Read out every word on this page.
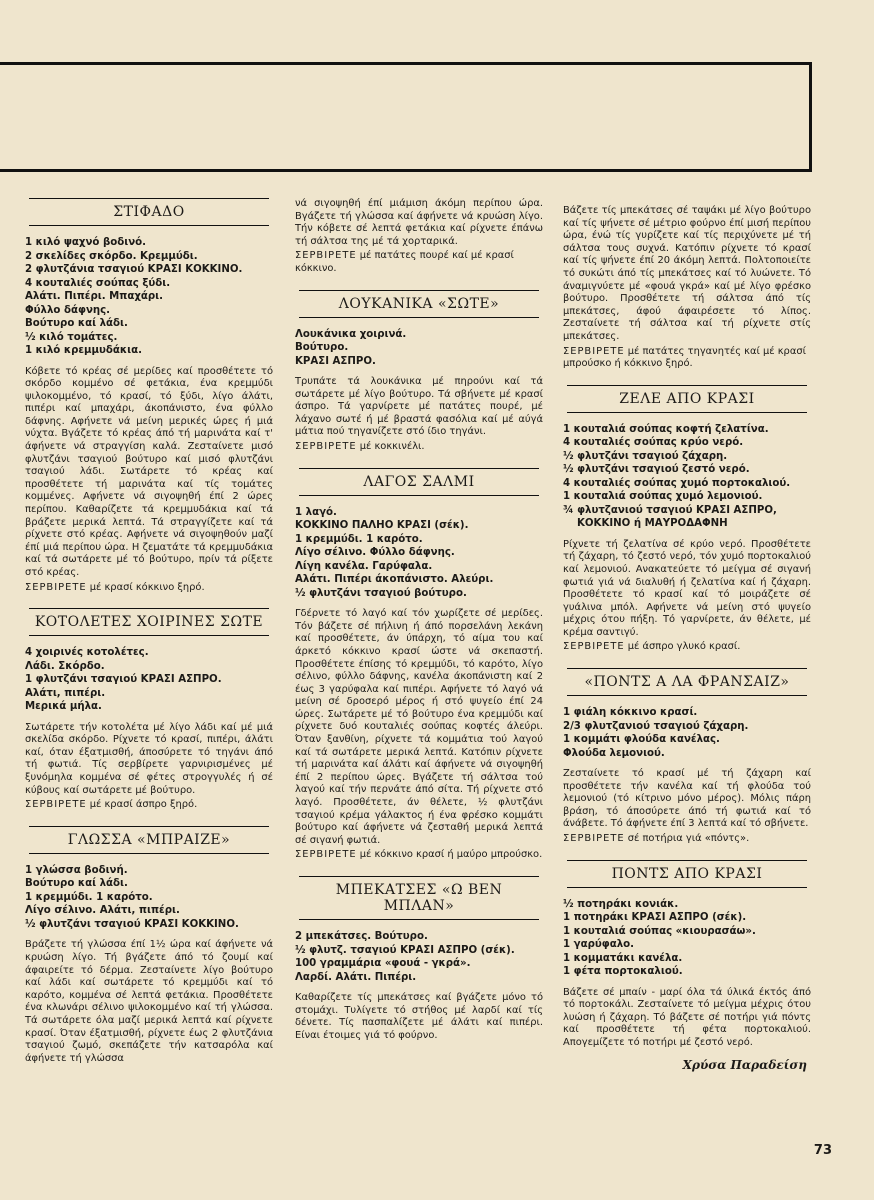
ΣΤΙΦΑΔΟ
1 κιλό ψαχνό βοδινό.
2 σκελίδες σκόρδο. Κρεμμύδι.
2 φλυτζάνια τσαγιού ΚΡΑΣΙ ΚΟΚΚΙΝΟ.
4 κουταλιές σούπας ξύδι.
Αλάτι. Πιπέρι. Μπαχάρι.
Φύλλο δάφνης.
Βούτυρο καί λάδι.
½ κιλό τομάτες.
1 κιλό κρεμμυδάκια.
Κόβετε τό κρέας σέ μερίδες καί προσθέτετε τό σκόρδο κομμένο σέ φετάκια, ένα κρεμμύδι ψιλοκομμένο, τό κρασί, τό ξύδι, λίγο άλάτι, πιπέρι καί μπαχάρι, άκοπάνιστο, ένα φύλλο δάφνης. Αφήνετε νά μείνη μερικές ώρες ή μιά νύχτα. Βγάζετε τό κρέας άπό τή μαρινάτα καί τ' άφήνετε νά στραγγίση καλά. Ζεσταίνετε μισό φλυτζάνι τσαγιού βούτυρο καί μισό φλυτζάνι τσαγιού λάδι. Σωτάρετε τό κρέας καί προσθέτετε τή μαρινάτα καί τίς τομάτες κομμένες. Αφήνετε νά σιγοψηθή έπί 2 ώρες περίπου. Καθαρίζετε τά κρεμμυδάκια καί τά βράζετε μερικά λεπτά. Τά στραγγίζετε καί τά ρίχνετε στό κρέας. Αφήνετε νά σιγοψηθούν μαζί έπί μιά περίπου ώρα. Η ζεματάτε τά κρεμμυδάκια καί τά σωτάρετε μέ τό βούτυρο, πρίν τά ρίξετε στό κρέας.
ΣΕΡΒΙΡΕΤΕ μέ κρασί κόκκινο ξηρό.
ΚΟΤΟΛΕΤΕΣ ΧΟΙΡΙΝΕΣ ΣΩΤΕ
4 χοιρινές κοτολέτες.
Λάδι. Σκόρδο.
1 φλυτζάνι τσαγιού ΚΡΑΣΙ ΑΣΠΡΟ.
Αλάτι, πιπέρι.
Μερικά μήλα.
Σωτάρετε τήν κοτολέτα μέ λίγο λάδι καί μέ μιά σκελίδα σκόρδο. Ρίχνετε τό κρασί, πιπέρι, άλάτι καί, όταν έξατμισθή, άποσύρετε τό τηγάνι άπό τή φωτιά. Τίς σερβίρετε γαρνιρισμένες μέ ξυνόμηλα κομμένα σέ φέτες στρογγυλές ή σέ κύβους καί σωτάρετε μέ βούτυρο.
ΣΕΡΒΙΡΕΤΕ μέ κρασί άσπρο ξηρό.
ΓΛΩΣΣΑ «ΜΠΡΑΙΖΕ»
1 γλώσσα βοδινή.
Βούτυρο καί λάδι.
1 κρεμμύδι. 1 καρότο.
Λίγο σέλινο. Αλάτι, πιπέρι.
½ φλυτζάνι τσαγιού ΚΡΑΣΙ ΚΟΚΚΙΝΟ.
Βράζετε τή γλώσσα έπί 1½ ώρα καί άφήνετε νά κρυώση λίγο. Τή βγάζετε άπό τό ζουμί καί άφαιρείτε τό δέρμα. Ζεσταίνετε λίγο βούτυρο καί λάδι καί σωτάρετε τό κρεμμύδι καί τό καρότο, κομμένα σέ λεπτά φετάκια. Προσθέτετε ένα κλωνάρι σέλινο ψιλοκομμένο καί τή γλώσσα. Τά σωτάρετε όλα μαζί μερικά λεπτά καί ρίχνετε κρασί. Όταν έξατμισθή, ρίχνετε έως 2 φλυτζάνια τσαγιού ζωμό, σκεπάζετε τήν κατσαρόλα καί άφήνετε τή γλώσσα
νά σιγοψηθή έπί μιάμιση άκόμη περίπου ώρα. Βγάζετε τή γλώσσα καί άφήνετε νά κρυώση λίγο. Τήν κόβετε σέ λεπτά φετάκια καί ρίχνετε έπάνω τή σάλτσα της μέ τά χορταρικά.
ΣΕΡΒΙΡΕΤΕ μέ πατάτες πουρέ καί μέ κρασί κόκκινο.
ΛΟΥΚΑΝΙΚΑ «ΣΩΤΕ»
Λουκάνικα χοιρινά.
Βούτυρο.
ΚΡΑΣΙ ΑΣΠΡΟ.
Τρυπάτε τά λουκάνικα μέ πηρούνι καί τά σωτάρετε μέ λίγο βούτυρο. Τά σβήνετε μέ κρασί άσπρο. Τά γαρνίρετε μέ πατάτες πουρέ, μέ λάχανο σωτέ ή μέ βραστά φασόλια καί μέ αύγά μάτια πού τηγανίζετε στό ίδιο τηγάνι.
ΣΕΡΒΙΡΕΤΕ μέ κοκκινέλι.
ΛΑΓΟΣ ΣΑΛΜΙ
1 λαγό.
ΚΟΚΚΙΝΟ ΠΑΛΗΟ ΚΡΑΣΙ (σέκ).
1 κρεμμύδι. 1 καρότο.
Λίγο σέλινο. Φύλλο δάφνης.
Λίγη κανέλα. Γαρύφαλα.
Αλάτι. Πιπέρι άκοπάνιστο. Αλεύρι.
½ φλυτζάνι τσαγιού βούτυρο.
Γδέρνετε τό λαγό καί τόν χωρίζετε σέ μερίδες. Τόν βάζετε σέ πήλινη ή άπό πορσελάνη λεκάνη καί προσθέτετε, άν ύπάρχη, τό αίμα του καί άρκετό κόκκινο κρασί ώστε νά σκεπαστή. Προσθέτετε έπίσης τό κρεμμύδι, τό καρότο, λίγο σέλινο, φύλλο δάφνης, κανέλα άκοπάνιστη καί 2 έως 3 γαρύφαλα καί πιπέρι. Αφήνετε τό λαγό νά μείνη σέ δροσερό μέρος ή στό ψυγείο έπί 24 ώρες. Σωτάρετε μέ τό βούτυρο ένα κρεμμύδι καί ρίχνετε δυό κουταλιές σούπας κοφτές άλεύρι. Όταν ξανθίνη, ρίχνετε τά κομμάτια τού λαγού καί τά σωτάρετε μερικά λεπτά. Κατόπιν ρίχνετε τή μαρινάτα καί άλάτι καί άφήνετε νά σιγοψηθή έπί 2 περίπου ώρες. Βγάζετε τή σάλτσα τού λαγού καί τήν περνάτε άπό σίτα. Τή ρίχνετε στό λαγό. Προσθέτετε, άν θέλετε, ½ φλυτζάνι τσαγιού κρέμα γάλακτος ή ένα φρέσκο κομμάτι βούτυρο καί άφήνετε νά ζεσταθή μερικά λεπτά σέ σιγανή φωτιά.
ΣΕΡΒΙΡΕΤΕ μέ κόκκινο κρασί ή μαύρο μπρούσκο.
ΜΠΕΚΑΤΣΕΣ «Ω ΒΕΝ ΜΠΛΑΝ»
2 μπεκάτσες. Βούτυρο.
½ φλυτζ. τσαγιού ΚΡΑΣΙ ΑΣΠΡΟ (σέκ).
100 γραμμάρια «φουά - γκρά».
Λαρδί. Αλάτι. Πιπέρι.
Καθαρίζετε τίς μπεκάτσες καί βγάζετε μόνο τό στομάχι. Τυλίγετε τό στήθος μέ λαρδί καί τίς δένετε. Τίς πασπαλίζετε μέ άλάτι καί πιπέρι. Είναι έτοιμες γιά τό φούρνο.
Βάζετε τίς μπεκάτσες σέ ταψάκι μέ λίγο βούτυρο καί τίς ψήνετε σέ μέτριο φούρνο έπί μισή περίπου ώρα, ένώ τίς γυρίζετε καί τίς περιχύνετε μέ τή σάλτσα τους συχνά. Κατόπιν ρίχνετε τό κρασί καί τίς ψήνετε έπί 20 άκόμη λεπτά. Πολτοποιείτε τό συκώτι άπό τίς μπεκάτσες καί τό λυώνετε. Τό άναμιγνύετε μέ «φουά γκρά» καί μέ λίγο φρέσκο βούτυρο. Προσθέτετε τή σάλτσα άπό τίς μπεκάτσες, άφού άφαιρέσετε τό λίπος. Ζεσταίνετε τή σάλτσα καί τή ρίχνετε στίς μπεκάτσες.
ΣΕΡΒΙΡΕΤΕ μέ πατάτες τηγανητές καί μέ κρασί μπρούσκο ή κόκκινο ξηρό.
ΖΕΛΕ ΑΠΟ ΚΡΑΣΙ
1 κουταλιά σούπας κοφτή ζελατίνα.
4 κουταλιές σούπας κρύο νερό.
½ φλυτζάνι τσαγιού ζάχαρη.
½ φλυτζάνι τσαγιού ζεστό νερό.
4 κουταλιές σούπας χυμό πορτοκαλιού.
1 κουταλιά σούπας χυμό λεμονιού.
¾ φλυτζανιού τσαγιού ΚΡΑΣΙ ΑΣΠΡΟ,
ΚΟΚΚΙΝΟ ή ΜΑΥΡΟΔΑΦΝΗ
Ρίχνετε τή ζελατίνα σέ κρύο νερό. Προσθέτετε τή ζάχαρη, τό ζεστό νερό, τόν χυμό πορτοκαλιού καί λεμονιού. Ανακατεύετε τό μείγμα σέ σιγανή φωτιά γιά νά διαλυθή ή ζελατίνα καί ή ζάχαρη. Προσθέτετε τό κρασί καί τό μοιράζετε σέ γυάλινα μπόλ. Αφήνετε νά μείνη στό ψυγείο μέχρις ότου πήξη. Τό γαρνίρετε, άν θέλετε, μέ κρέμα σαντιγύ.
ΣΕΡΒΙΡΕΤΕ μέ άσπρο γλυκό κρασί.
«ΠΟΝΤΣ Α ΛΑ ΦΡΑΝΣΑΙΖ»
1 φιάλη κόκκινο κρασί.
2/3 φλυτζανιού τσαγιού ζάχαρη.
1 κομμάτι φλούδα κανέλας.
Φλούδα λεμονιού.
Ζεσταίνετε τό κρασί μέ τή ζάχαρη καί προσθέτετε τήν κανέλα καί τή φλούδα τού λεμονιού (τό κίτρινο μόνο μέρος). Μόλις πάρη βράση, τό άποσύρετε άπό τή φωτιά καί τό άνάβετε. Τό άφήνετε έπί 3 λεπτά καί τό σβήνετε.
ΣΕΡΒΙΡΕΤΕ σέ ποτήρια γιά «πόντς».
ΠΟΝΤΣ ΑΠΟ ΚΡΑΣΙ
½ ποτηράκι κονιάκ.
1 ποτηράκι ΚΡΑΣΙ ΑΣΠΡΟ (σέκ).
1 κουταλιά σούπας «κιουρασάω».
1 γαρύφαλο.
1 κομματάκι κανέλα.
1 φέτα πορτοκαλιού.
Βάζετε σέ μπαίν - μαρί όλα τά ύλικά έκτός άπό τό πορτοκάλι. Ζεσταίνετε τό μείγμα μέχρις ότου λυώση ή ζάχαρη. Τό βάζετε σέ ποτήρι γιά πόντς καί προσθέτετε τή φέτα πορτοκαλιού. Απογεμίζετε τό ποτήρι μέ ζεστό νερό.
Χρύσα Παραδείση
73
